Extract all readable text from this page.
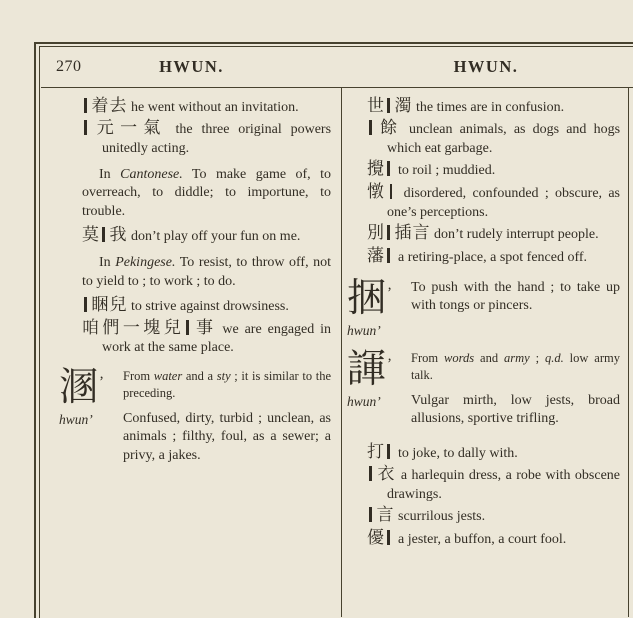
270	HWUN.	HWUN.

着去 he went without an invitation.

元一氣 the three original powers unitedly acting.

In Cantonese. To make game of, to overreach, to diddle; to importune, to trouble.

莫 我 don’t play off your fun on me.

In Pekingese. To resist, to throw off, not to yield to ; to work ; to do.

睏兒 to strive against drowsiness.

咱們一塊兒 事 we are engaged in work at the same place.

溷’
hwun’

From water and a sty ; it is similar to the preceding.

Confused, dirty, turbid ; unclean, as animals ; filthy, foul, as a sewer; a privy, a jakes.

世 濁 the times are in confusion.

餘 unclean animals, as dogs and hogs which eat garbage.

攪 to roil ; muddied.

憞 disordered, confounded ; obscure, as one’s perceptions.

別 插言 don’t rudely interrupt people.

藩 a retiring-place, a spot fenced off.

捆’
hwun’

To push with the hand ; to take up with tongs or pincers.

諢’
hwun’

From words and army ; q.d. low army talk.

Vulgar mirth, low jests, broad allusions, sportive trifling.

打 to joke, to dally with.

衣 a harlequin dress, a robe with obscene drawings.

言 scurrilous jests.

優 a jester, a buffon, a court fool.
